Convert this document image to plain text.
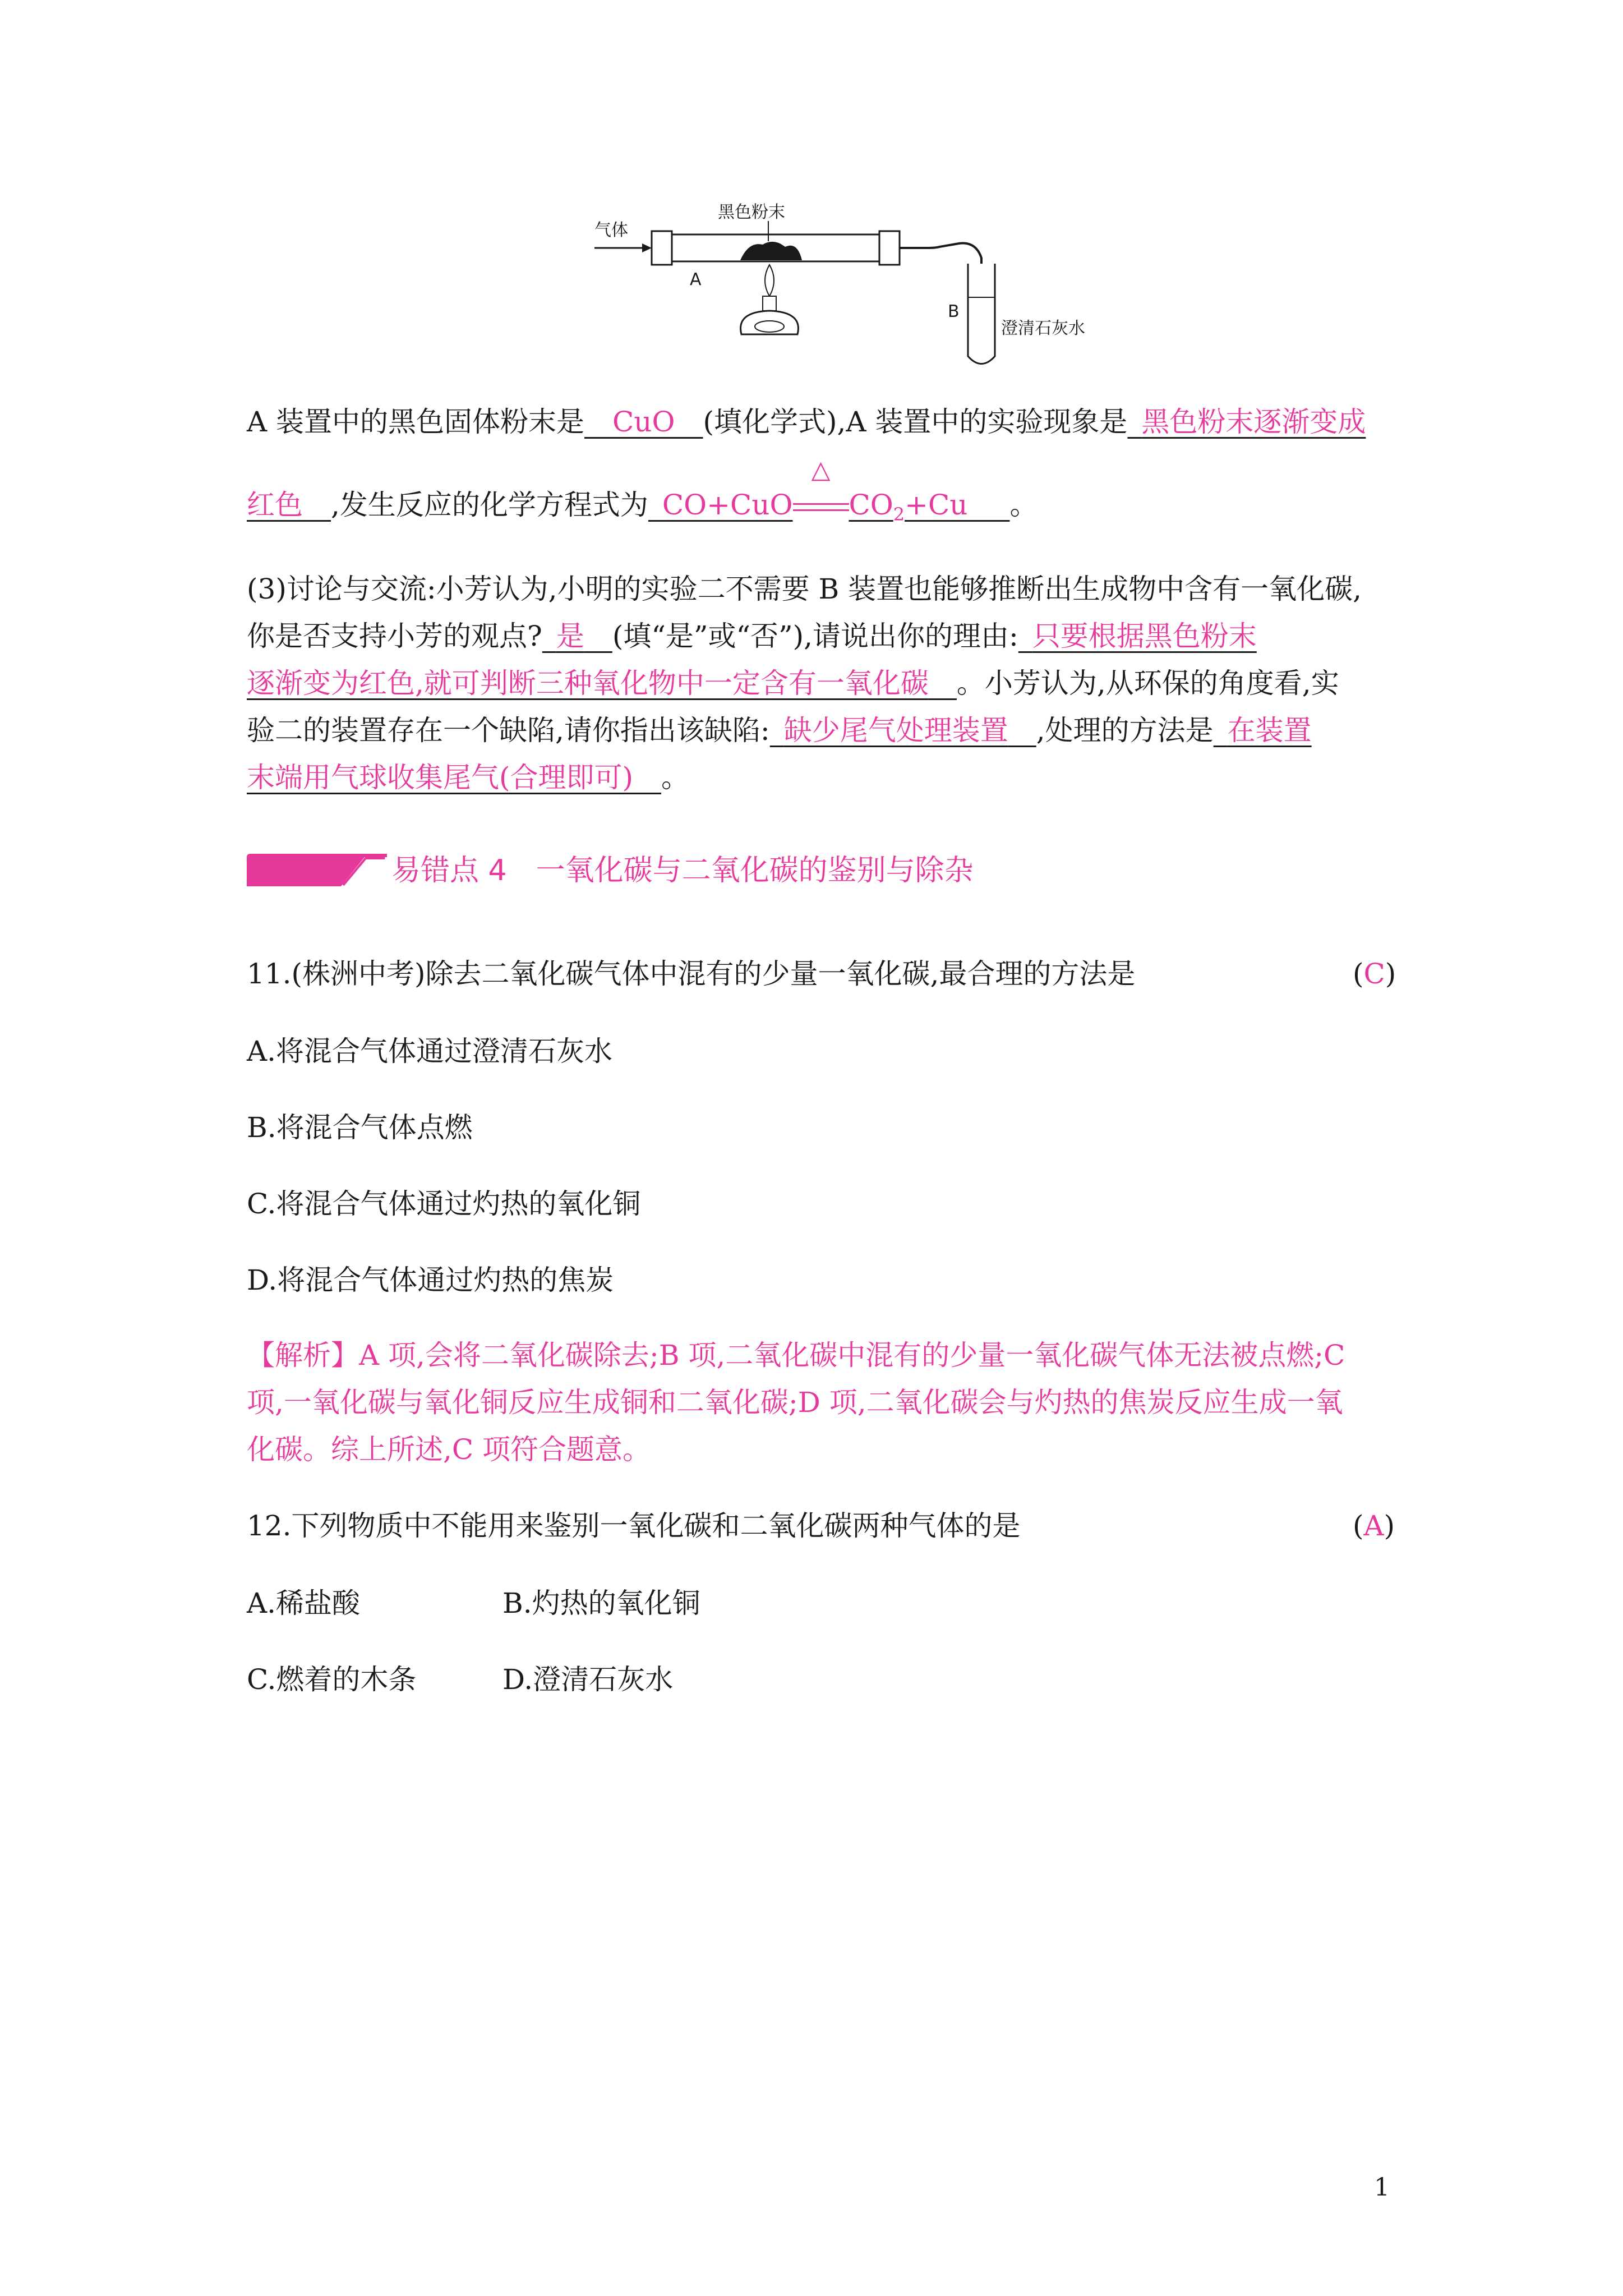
气体
黑色粉末
A
B
澄清石灰水
A 装置中的黑色固体粉末是  CuO  (填化学式),A 装置中的实验现象是  黑色粉末逐渐变成
红色  ,发生反应的化学方程式为  CO+CuO
△
$CO_2+Cu$   。
(3)讨论与交流:小芳认为,小明的实验二不需要 B 装置也能够推断出生成物中含有一氧化碳,
你是否支持小芳的观点?  是  (填“是”或“否”),请说出你的理由:  只要根据黑色粉末
逐渐变为红色,就可判断三种氧化物中一定含有一氧化碳  。小芳认为,从环保的角度看,实
验二的装置存在一个缺陷,请你指出该缺陷:  缺少尾气处理装置  ,处理的方法是  在装置
末端用气球收集尾气(合理即可)  。
易错点 4　一氧化碳与二氧化碳的鉴别与除杂
11.(株洲中考)除去二氧化碳气体中混有的少量一氧化碳,最合理的方法是	(C)
A.将混合气体通过澄清石灰水
B.将混合气体点燃
C.将混合气体通过灼热的氧化铜
D.将混合气体通过灼热的焦炭
【解析】A 项,会将二氧化碳除去;B 项,二氧化碳中混有的少量一氧化碳气体无法被点燃;C
项,一氧化碳与氧化铜反应生成铜和二氧化碳;D 项,二氧化碳会与灼热的焦炭反应生成一氧
化碳。综上所述,C 项符合题意。
12.下列物质中不能用来鉴别一氧化碳和二氧化碳两种气体的是	(A)
A.稀盐酸	B.灼热的氧化铜
C.燃着的木条	D.澄清石灰水
1
